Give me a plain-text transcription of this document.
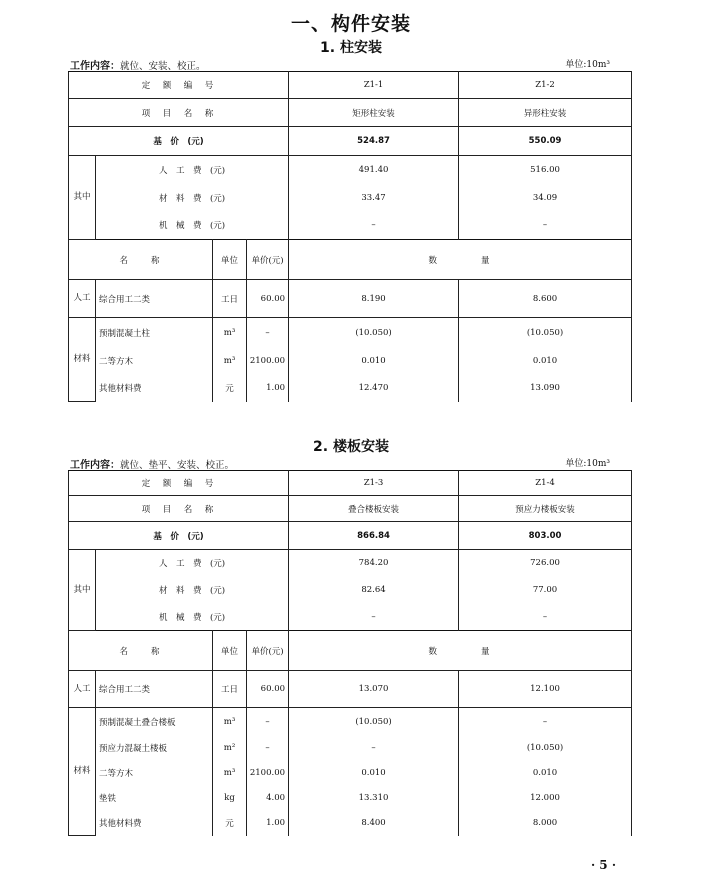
一、构件安装
1. 柱安装
工作内容：就位、安装、校正。	单位:10m³
定　额　编　号				Z1-1	Z1-2
项　目　名　称				矩形柱安装	异形柱安装
基　价　(元)				524.87	550.09
其中	人　工　费　(元)			491.40	516.00
	材　料　费　(元)			33.47	34.09
	机　械　费　(元)			–	–
名　　称		单位	单价(元)	数　　　　量	
人工	综合用工二类	工日	60.00	8.190	8.600
材料	预制混凝土柱	m³	–	(10.050)	(10.050)
	二等方木	m³	2100.00	0.010	0.010
	其他材料费	元	1.00	12.470	13.090
2. 楼板安装
工作内容：就位、垫平、安装、校正。	单位:10m³
定　额　编　号				Z1-3	Z1-4
项　目　名　称				叠合楼板安装	预应力楼板安装
基　价　(元)				866.84	803.00
其中	人　工　费　(元)			784.20	726.00
	材　料　费　(元)			82.64	77.00
	机　械　费　(元)			–	–
名　　称		单位	单价(元)	数　　　　量	
人工	综合用工二类	工日	60.00	13.070	12.100
材料	预制混凝土叠合楼板	m³	–	(10.050)	–
	预应力混凝土楼板	m²	–	–	(10.050)
	二等方木	m³	2100.00	0.010	0.010
	垫铁	kg	4.00	13.310	12.000
	其他材料费	元	1.00	8.400	8.000
· 5 ·
